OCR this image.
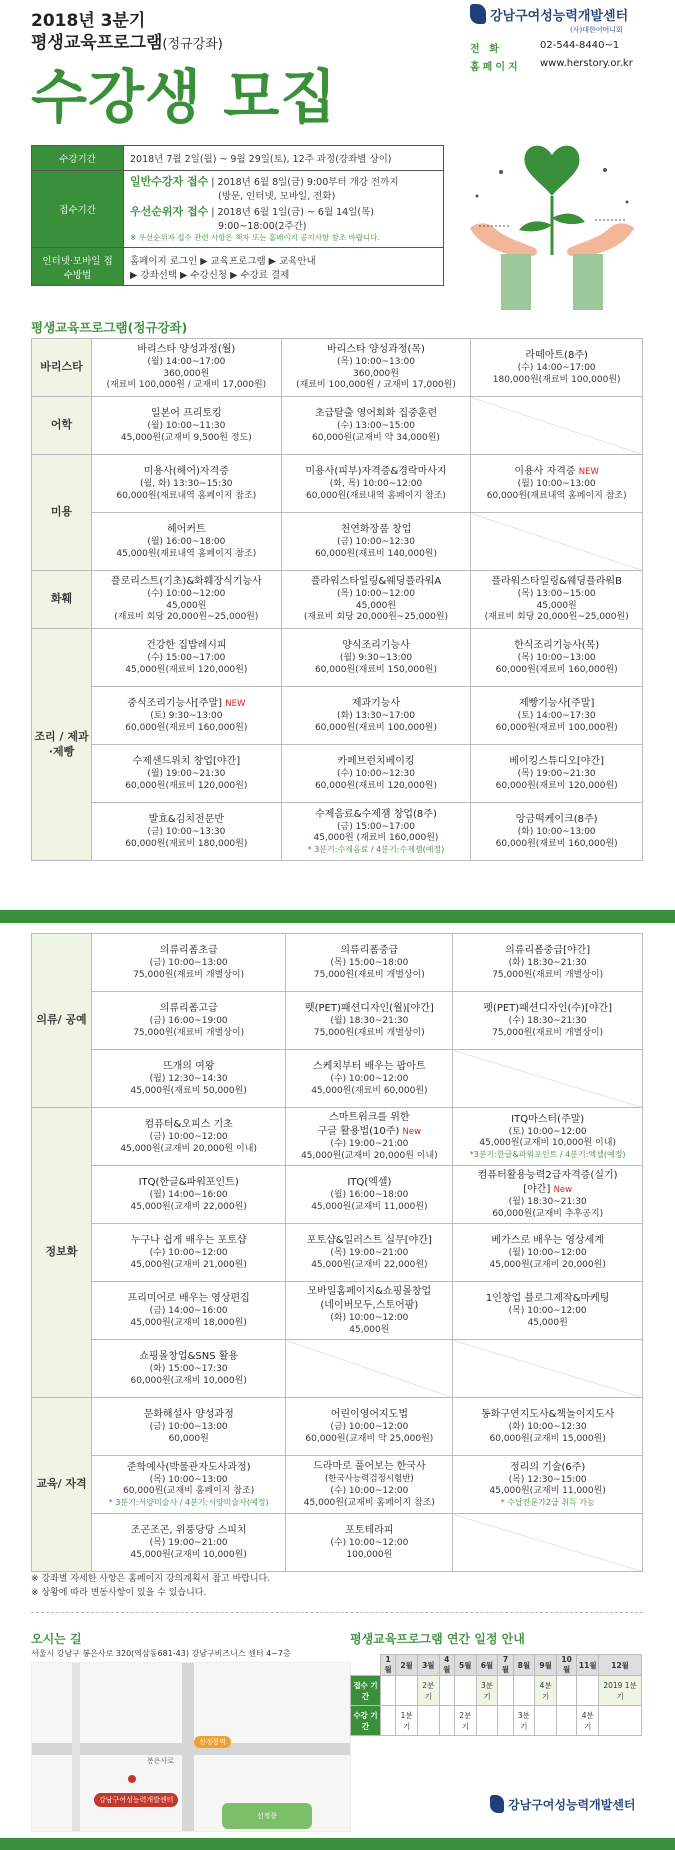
2018년 3분기
평생교육프로그램(정규강좌)
수강생 모집
강남구여성능력개발센터
(사)대한어머니회
전 화	02-544-8440~1
홈페이지	www.herstory.or.kr
수강기간	2018년 7월 2일(월) ~ 9월 29일(토), 12주 과정(강좌별 상이)
접수기간	일반수강자 접수 | 2018년 6월 8일(금) 9:00부터 개강 전까지
(방문, 인터넷, 모바일, 전화)
우선순위자 접수 | 2018년 6월 1일(금) ~ 6월 14일(목)
9:00~18:00(2주간)
※ 우선순위자 접수 관련 사항은 책자 또는 홈페이지 공지사항 참조 바랍니다.

인터넷·모바일 접수방법	홈페이지 로그인 ▶ 교육프로그램 ▶ 교육안내
▶ 강좌선택 ▶ 수강신청 ▶ 수강료 결제
평생교육프로그램(정규강좌)
바리스타	바리스타 양성과정(월)
(월) 14:00~17:00
360,000원
(재료비 100,000원 / 교재비 17,000원)	바리스타 양성과정(목)
(목) 10:00~13:00
360,000원
(재료비 100,000원 / 교재비 17,000원)	라떼아트(8주)
(수) 14:00~17:00
180,000원(재료비 100,000원)
어학	일본어 프리토킹
(월) 10:00~11:30
45,000원(교재비 9,500원 정도)	초급탈출 영어회화 집중훈련
(수) 13:00~15:00
60,000원(교재비 약 34,000원)	
미용	미용사(헤어)자격증
(월, 화) 13:30~15:30
60,000원(재료내역 홈페이지 참조)	미용사(피부)자격증&경락마사지
(화, 목) 10:00~12:00
60,000원(재료내역 홈페이지 참조)	이용사 자격증 NEW
(월) 10:00~13:00
60,000원(재료내역 홈페이지 참조)

	헤어커트
(월) 16:00~18:00
45,000원(재료내역 홈페이지 참조)	천연화장품 창업
(금) 10:00~12:30
60,000원(재료비 140,000원)	
화훼	플로리스트(기초)&화훼장식기능사
(수) 10:00~12:00
45,000원
(재료비 회당 20,000원~25,000원)	플라워스타일링&웨딩플라워A
(목) 10:00~12:00
45,000원
(재료비 회당 20,000원~25,000원)	플라워스타일링&웨딩플라워B
(목) 13:00~15:00
45,000원
(재료비 회당 20,000원~25,000원)
조리 / 제과·제빵	건강한 집밥레시피
(수) 15:00~17:00
45,000원(재료비 120,000원)	양식조리기능사
(월) 9:30~13:00
60,000원(재료비 150,000원)	한식조리기능사(목)
(목) 10:00~13:00
60,000원(재료비 160,000원)

	중식조리기능사[주말] NEW
(토) 9:30~13:00
60,000원(재료비 160,000원)	제과기능사
(화) 13:30~17:00
60,000원(재료비 100,000원)	제빵기능사[주말]
(토) 14:00~17:30
60,000원(재료비 100,000원)

	수제샌드위치 창업[야간]
(월) 19:00~21:30
60,000원(재료비 120,000원)	카페브런치베이킹
(수) 10:00~12:30
60,000원(재료비 120,000원)	베이킹스튜디오[야간]
(목) 19:00~21:30
60,000원(재료비 120,000원)

	발효&김치전문반
(금) 10:00~13:30
60,000원(재료비 180,000원)	수제음료&수제잼 창업(8주)
(금) 15:00~17:00
45,000원 (재료비 160,000원)
* 3분기:수제음료 / 4분기:수제잼(예정)	앙금떡케이크(8주)
(화) 10:00~13:00
60,000원(재료비 160,000원)
의류/ 공예	의류리폼초급
(금) 10:00~13:00
75,000원(재료비 개별상이)	의류리폼중급
(목) 15:00~18:00
75,000원(재료비 개별상이)	의류리폼중급[야간]
(화) 18:30~21:30
75,000원(재료비 개별상이)

	의류리폼고급
(금) 16:00~19:00
75,000원(재료비 개별상이)	펫(PET)패션디자인(월)[야간]
(월) 18:30~21:30
75,000원(재료비 개별상이)	펫(PET)패션디자인(수)[야간]
(수) 18:30~21:30
75,000원(재료비 개별상이)

	뜨개의 여왕
(월) 12:30~14:30
45,000원(재료비 50,000원)	스케치부터 배우는 팝아트
(수) 10:00~12:00
45,000원(재료비 60,000원)	
정보화	컴퓨터&오피스 기초
(금) 10:00~12:00
45,000원(교재비 20,000원 이내)	스마트워크를 위한
구글 활용법(10주) New
(수) 19:00~21:00
45,000원(교재비 20,000원 이내)	ITQ마스터(주말)
(토) 10:00~12:00
45,000원(교재비 10,000원 이내)
*3분기:한글&파워포인트 / 4분기:엑셀(예정)

	ITQ(한글&파워포인트)
(월) 14:00~16:00
45,000원(교재비 22,000원)	ITQ(엑셀)
(월) 16:00~18:00
45,000원(교재비 11,000원)	컴퓨터활용능력2급자격증(실기)
[야간] New
(월) 18:30~21:30
60,000원(교재비 추후공지)

	누구나 쉽게 배우는 포토샵
(수) 10:00~12:00
45,000원(교재비 21,000원)	포토샵&일러스트 실무[야간]
(목) 19:00~21:00
45,000원(교재비 22,000원)	베가스로 배우는 영상세계
(월) 10:00~12:00
45,000원(교재비 20,000원)

	프리미어로 배우는 영상편집
(금) 14:00~16:00
45,000원(교재비 18,000원)	모바일홈페이지&쇼핑몰창업
(네이버모두,스토어팜)
(화) 10:00~12:00
45,000원	1인창업 블로그제작&마케팅
(목) 10:00~12:00
45,000원

	쇼핑몰창업&SNS 활용
(화) 15:00~17:30
60,000원(교재비 10,000원)		
교육/ 자격	문화해설사 양성과정
(금) 10:00~13:00
60,000원	어린이영어지도법
(금) 10:00~12:00
60,000원(교재비 약 25,000원)	동화구연지도사&책놀이지도사
(화) 10:00~12:30
60,000원(교재비 15,000원)

	준학예사(박물관자도사과정)
(목) 10:00~13:00
60,000원(교재비 홈페이지 참조)
* 3분기:서양미술사 / 4분기:서양미술사(예정)	드라마로 풀어보는 한국사
(한국사능력검정시험반)
(수) 10:00~12:00
45,000원(교재비 홈페이지 참조)	정리의 기술(6주)
(목) 12:30~15:00
45,000원(교재비 11,000원)
* 수납전문가2급 취득 가능

	조곤조곤, 위풍당당 스피치
(목) 19:00~21:00
45,000원(교재비 10,000원)	포토테라피
(수) 10:00~12:00
100,000원	
※ 강좌별 자세한 사항은 홈페이지 강의계획서 참고 바랍니다.
※ 상황에 따라 변동사항이 있을 수 있습니다.
오시는 길
서울시 강남구 봉은사로 320(역삼동681-43) 강남구비즈니스 센터 4~7층
봉은사로
선정릉역
강남구여성능력개발센터
선정릉
평생교육프로그램 연간 일정 안내
	1월	2월	3월	4월	5월	6월	7월	8월	9월	10월	11월	12월
접수 기간			2분기			3분기			4분기			2019 1분기
수강 기간		1분기			2분기			3분기			4분기	
강남구여성능력개발센터
